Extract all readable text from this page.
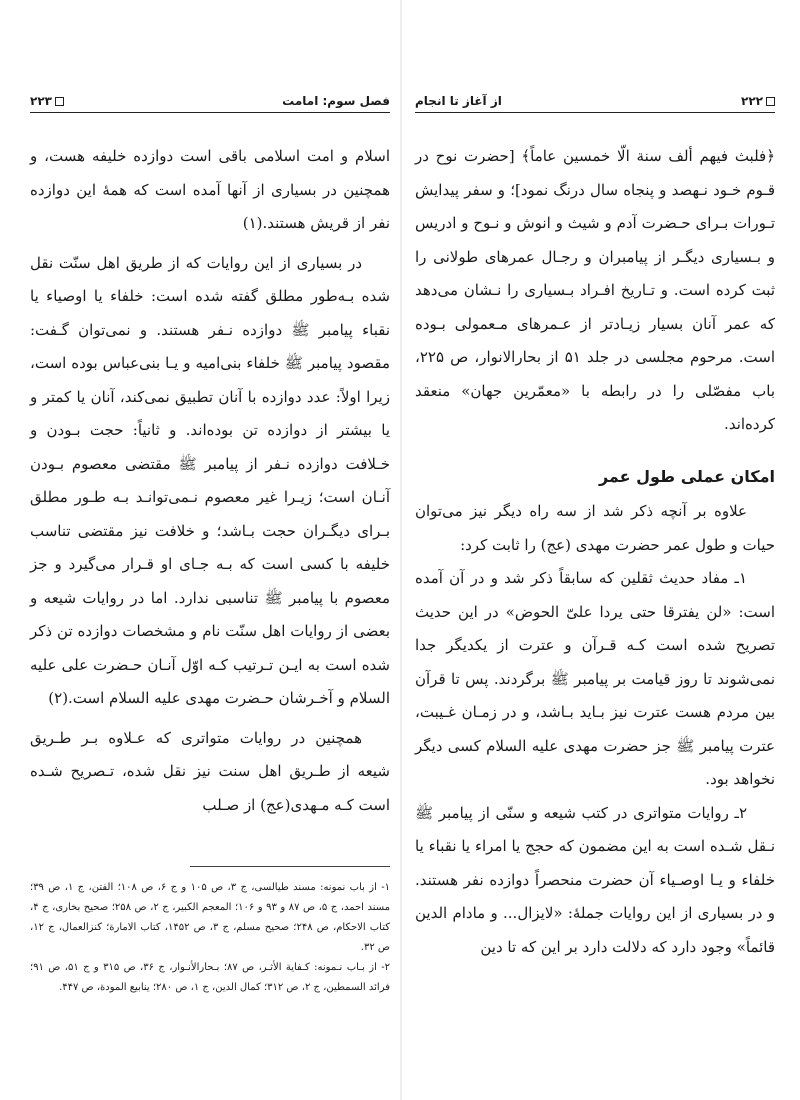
۲۲۳	فصل سوم: امامت

اسلام و امت اسلامی باقی است دوازده خلیفه هست، و همچنین در بسیاری از آنها آمده است که همهٔ این دوازده نفر از قریش هستند.(۱)

در بسیاری از این روایات که از طریق اهل سنّت نقل شده بـه‌طور مطلق گفته شده است: خلفاء یا اوصیاء یا نقباء پیامبر ﷺ دوازده نـفر هستند. و نمی‌توان گـفت: مقصود پیامبر ﷺ خلفاء بنی‌امیه و یـا بنی‌عباس بوده است، زیرا اولاً: عدد دوازده با آنان تطبیق نمی‌کند، آنان یا کمتر و یا بیشتر از دوازده تن بوده‌اند. و ثانیاً: حجت بـودن و خـلافت دوازده نـفر از پیامبر ﷺ مقتضی معصوم بـودن آنـان است؛ زیـرا غیر معصوم نـمی‌توانـد بـه طـور مطلق بـرای دیگـران حجت بـاشد؛ و خلافت نیز مقتضی تناسب خلیفه با کسی است که بـه جـای او قـرار می‌گیرد و جز معصوم با پیامبر ﷺ تناسبی ندارد. اما در روایات شیعه و بعضی از روایات اهل سنّت نام و مشخصات دوازده تن ذکر شده است به ایـن تـرتیب کـه اوّل آنـان حـضرت علی علیه السلام و آخـرشان حـضرت مهدی علیه السلام است.(۲)

همچنین در روایات متواتری که عـلاوه بـر طـریق شیعه از طـریق اهل سنت نیز نقل شده، تـصریح شـده است کـه مـهدی(عج) از صـلب

۱- از باب نمونه: مسند طیالسی، ج ۳، ص ۱۰۵ و ج ۶، ص ۱۰۸؛ الفتن، ج ۱، ص ۳۹؛ مسند احمد، ج ۵، ص ۸۷ و ۹۳ و ۱۰۶؛ المعجم الکبیر، ج ۲، ص ۲۵۸؛ صحیح بخاری، ج ۴، کتاب الاحکام، ص ۲۴۸؛ صحیح مسلم، ج ۳، ص ۱۴۵۲، کتاب الامارة؛ کنزالعمال، ج ۱۲، ص ۳۲.

۲- از بـاب نـمونه: کـفایة الأثـر، ص ۸۷؛ بـحارالأنـوار، ج ۳۶، ص ۳۱۵ و ج ۵۱، ص ۹۱؛ فرائد السمطین، ج ۲، ص ۳۱۲؛ کمال الدین، ج ۱، ص ۲۸۰؛ ینابیع المودة، ص ۴۴۷.

۲۲۲
از آغاز تا انجام

﴿فلبث فیهم ألف سنة الّا خمسین عاماً﴾ [حضرت نوح در قـوم خـود نـهصد و پنجاه سال درنگ نمود]؛ و سفر پیدایش تـورات بـرای حـضرت آدم و شیث و انوش و نـوح و ادریس و بـسیاری دیگـر از پیامبران و رجـال عمرهای طولانی را ثبت کرده است. و تـاریخ افـراد بـسیاری را نـشان می‌دهد که عمر آنان بسیار زیـادتر از عـمرهای مـعمولی بـوده است. مرحوم مجلسی در جلد ۵۱ از بحارالانوار، ص ۲۲۵، باب مفصّلی را در رابطه با «معمّرین جهان» منعقد کرده‌اند.

امکان عملی طول عمر

علاوه بر آنچه ذکر شد از سه راه دیگر نیز می‌توان حیات و طول عمر حضرت مهدی (عج) را ثابت کرد:

۱ـ مفاد حدیث ثقلین که سابقاً ذکر شد و در آن آمده است: «لن یفترقا حتی یردا علیّ الحوض» در این حدیث تصریح شده است کـه قـرآن و عترت از یکدیگر جدا نمی‌شوند تا روز قیامت بر پیامبر ﷺ برگردند. پس تا قرآن بین مردم هست عترت نیز بـاید بـاشد، و در زمـان غـیبت، عترت پیامبر ﷺ جز حضرت مهدی علیه السلام کسی دیگر نخواهد بود.

۲ـ روایات متواتری در کتب شیعه و سنّی از پیامبر ﷺ نـقل شـده است به این مضمون که حجج یا امراء یا نقباء یا خلفاء و یـا اوصـیاء آن حضرت منحصراً دوازده نفر هستند. و در بسیاری از این روایات جملهٔ: «لایزال... و مادام الدین قائماً» وجود دارد که دلالت دارد بر این که تا دین
